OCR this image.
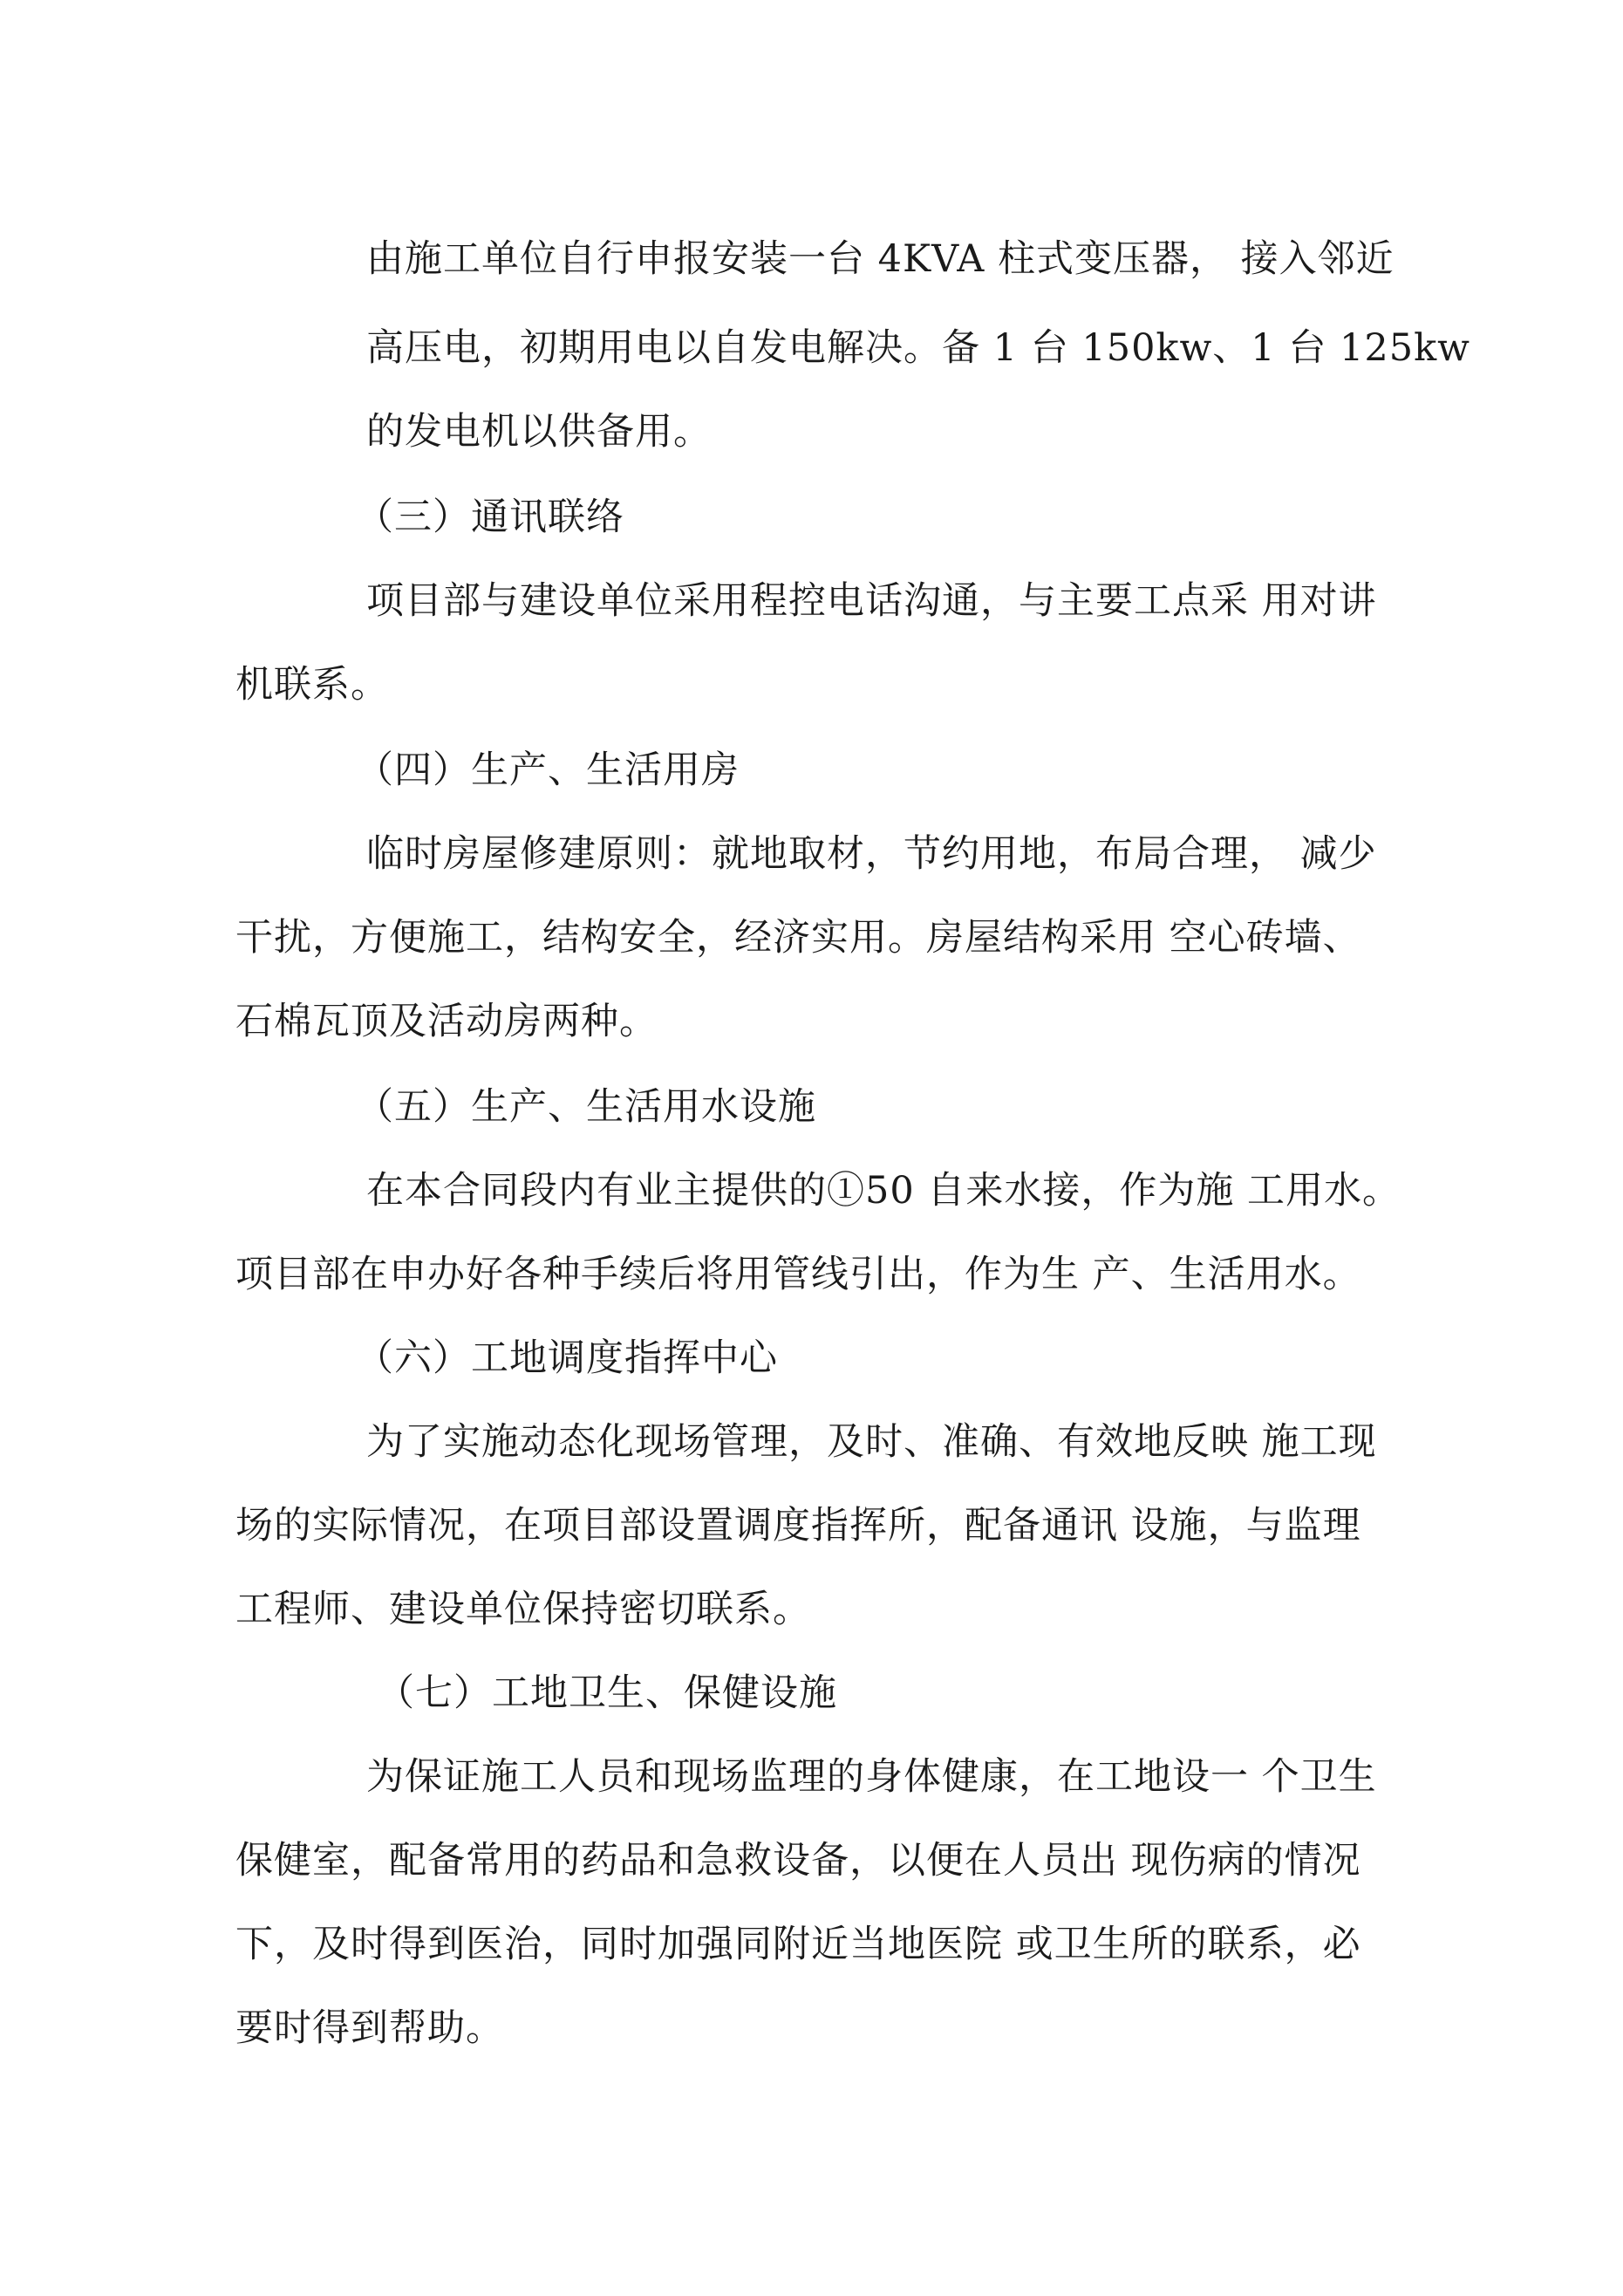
由施工单位自行申报安装一台 4KVA 柱式变压器， 接入邻近

高压电，初期用电以自发电解决。备 1 台 150kw、1 台 125kw

的发电机以供备用。

（三）通讯联络

项目部与建设单位采用程控电话沟通，与主要工点采 用对讲

机联系。

（四）生产、生活用房

临时房屋修建原则：就地取材，节约用地，布局合理， 减少

干扰，方便施工，结构安全，经济实用。房屋结构采用 空心砖墙、

石棉瓦顶及活动房两种。

（五）生产、生活用水设施

在本合同段内有业主提供的①50 自来水接，作为施 工用水。

项目部在申办好各种手续后将用管线引出，作为生 产、生活用水。

（六）工地调度指挥中心

为了实施动态化现场管理，及时、准确、有效地反映 施工现

场的实际情况，在项目部设置调度指挥所，配备通讯 设施，与监理

工程师、建设单位保持密切联系。

（七）工地卫生、保健设施

为保证施工人员和现场监理的身体健康，在工地设一 个卫生

保健室，配备常用的药品和急救设备，以便在人员出 现伤病的情况

下，及时得到医治，同时加强同附近当地医院 或卫生所的联系，必

要时得到帮助。
